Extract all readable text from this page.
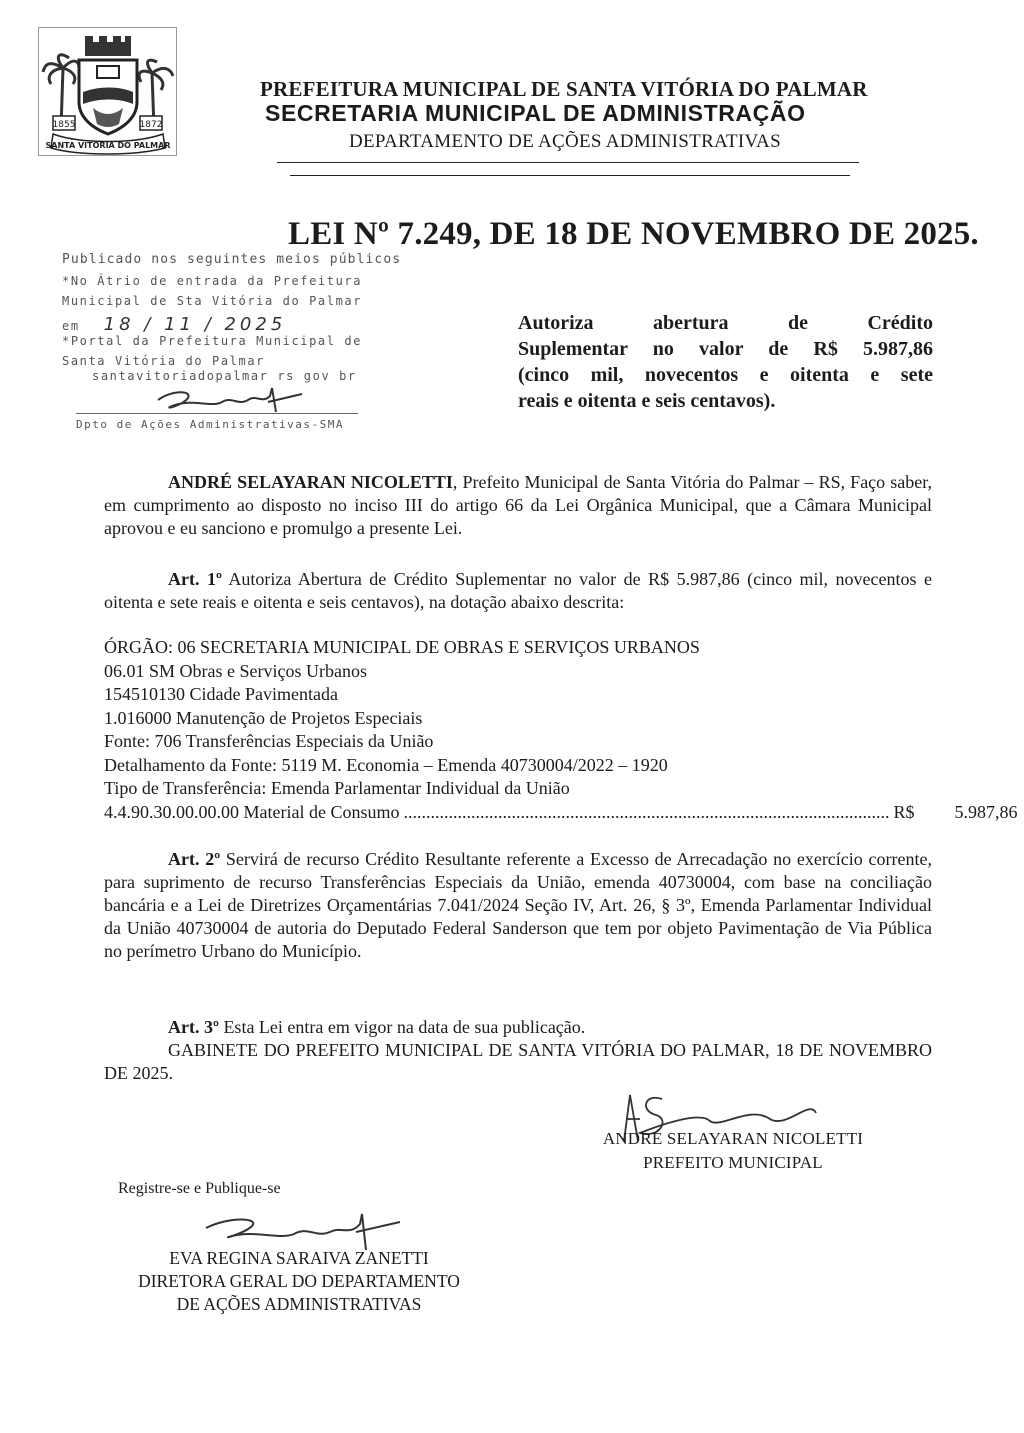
1855	1872
SANTA VITÓRIA DO PALMAR
PREFEITURA MUNICIPAL DE SANTA VITÓRIA DO PALMAR
SECRETARIA MUNICIPAL DE ADMINISTRAÇÃO
DEPARTAMENTO DE AÇÕES ADMINISTRATIVAS
LEI Nº 7.249, DE 18 DE NOVEMBRO DE 2025.
Publicado nos seguintes meios públicos
*No Átrio de entrada da Prefeitura
Municipal de Sta Vitória do Palmar
em 18 / 11 / 2025
*Portal da Prefeitura Municipal de
Santa Vitória do Palmar
santavitoriadopalmar rs gov br
Dpto de Ações Administrativas-SMA
Autoriza abertura de Crédito
Suplementar no valor de R$ 5.987,86
(cinco mil, novecentos e oitenta e sete
reais e oitenta e seis centavos).
ANDRÉ SELAYARAN NICOLETTI, Prefeito Municipal de Santa Vitória do Palmar – RS, Faço saber, em cumprimento ao disposto no inciso III do artigo 66 da Lei Orgânica Municipal, que a Câmara Municipal aprovou e eu sanciono e promulgo a presente Lei.
Art. 1º Autoriza Abertura de Crédito Suplementar no valor de R$ 5.987,86 (cinco mil, novecentos e oitenta e sete reais e oitenta e seis centavos), na dotação abaixo descrita:
ÓRGÃO: 06 SECRETARIA MUNICIPAL DE OBRAS E SERVIÇOS URBANOS
06.01 SM Obras e Serviços Urbanos
154510130 Cidade Pavimentada
1.016000 Manutenção de Projetos Especiais
Fonte: 706 Transferências Especiais da União
Detalhamento da Fonte: 5119 M. Economia – Emenda 40730004/2022 – 1920
Tipo de Transferência: Emenda Parlamentar Individual da União
4.4.90.30.00.00.00 Material de Consumo ............................................................................................................ R$ 5.987,86
Art. 2º Servirá de recurso Crédito Resultante referente a Excesso de Arrecadação no exercício corrente, para suprimento de recurso Transferências Especiais da União, emenda 40730004, com base na conciliação bancária e a Lei de Diretrizes Orçamentárias 7.041/2024 Seção IV, Art. 26, § 3º, Emenda Parlamentar Individual da União 40730004 de autoria do Deputado Federal Sanderson que tem por objeto Pavimentação de Via Pública no perímetro Urbano do Município.
Art. 3º Esta Lei entra em vigor na data de sua publicação.
GABINETE DO PREFEITO MUNICIPAL DE SANTA VITÓRIA DO PALMAR, 18 DE NOVEMBRO DE 2025.
ANDRÉ SELAYARAN NICOLETTI
PREFEITO MUNICIPAL
Registre-se e Publique-se
EVA REGINA SARAIVA ZANETTI
DIRETORA GERAL DO DEPARTAMENTO
DE AÇÕES ADMINISTRATIVAS
